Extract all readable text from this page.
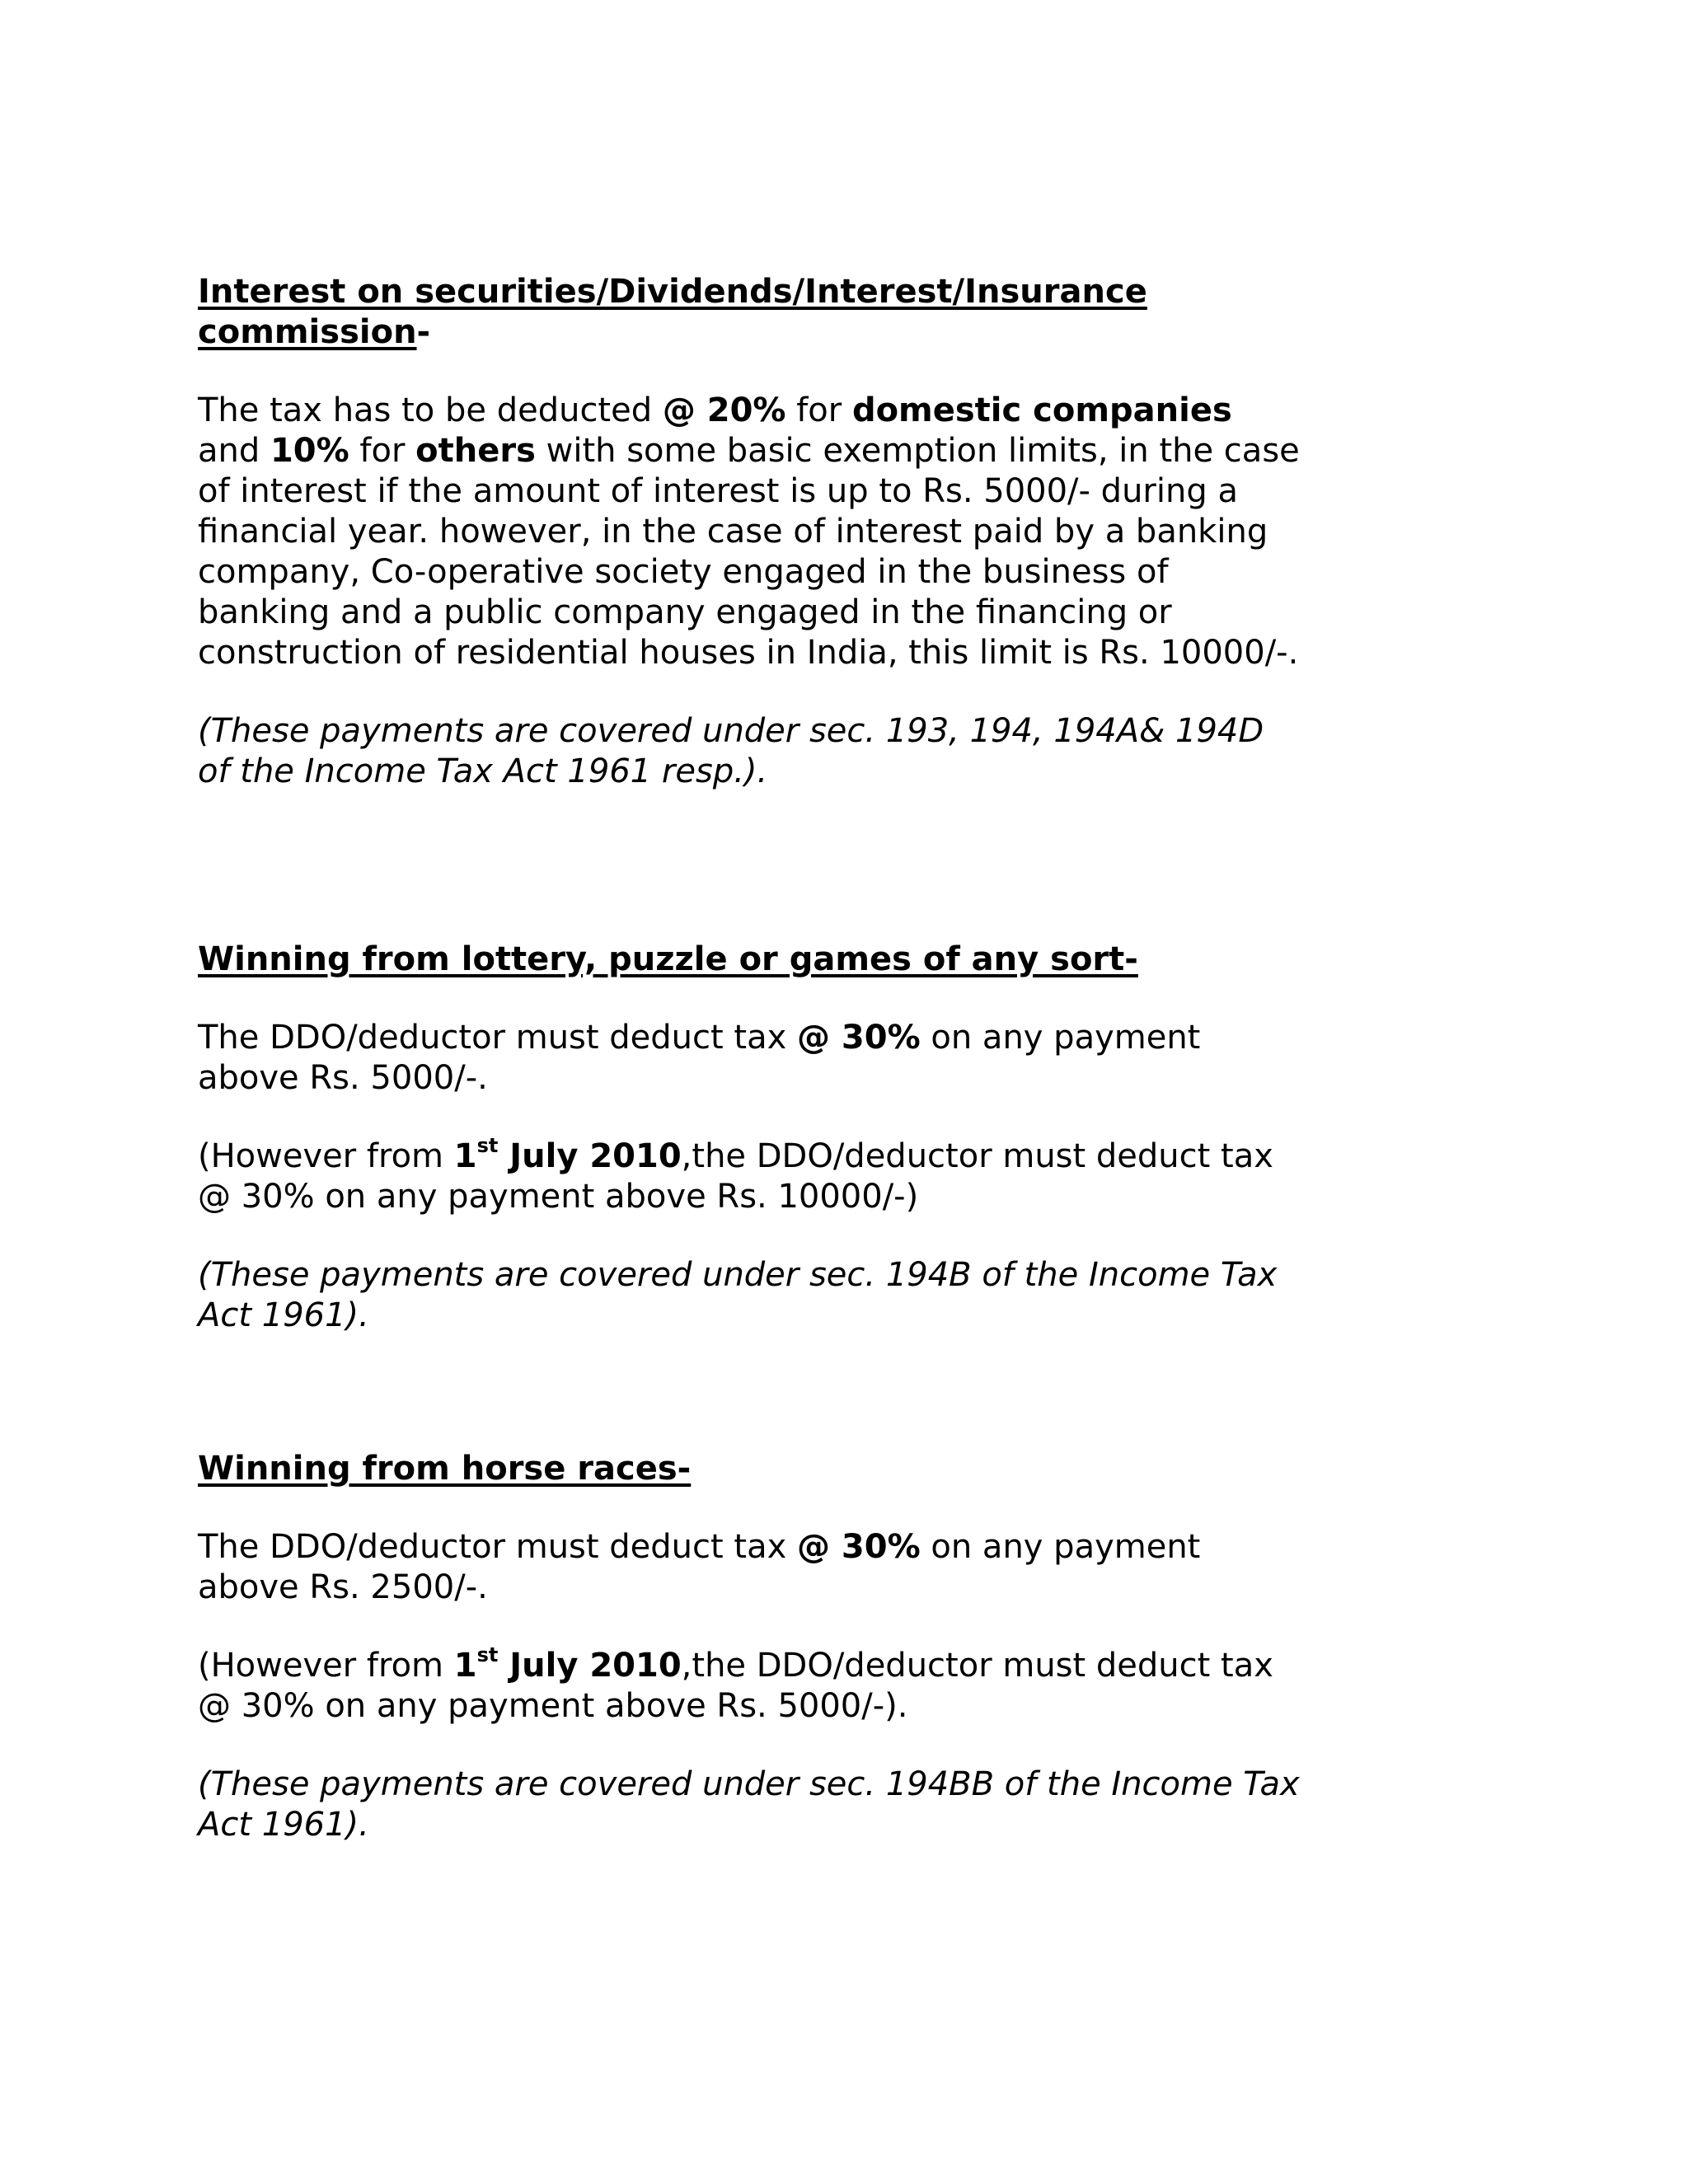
Interest on securities/Dividends/Interest/Insurance commission-

The tax has to be deducted @ 20% for domestic companies and 10% for others with some basic exemption limits, in the case of interest if the amount of interest is up to Rs. 5000/- during a financial year. however, in the case of interest paid by a banking company, Co-operative society engaged in the business of banking and a public company engaged in the financing or construction of residential houses in India, this limit is Rs. 10000/-.

(These payments are covered under sec. 193, 194, 194A& 194D of the Income Tax Act 1961 resp.).

Winning from lottery, puzzle or games of any sort-

The DDO/deductor must deduct tax @ 30% on any payment above Rs. 5000/-.

(However from 1st July 2010,the DDO/deductor must deduct tax @ 30% on any payment above Rs. 10000/-)

(These payments are covered under sec. 194B of the Income Tax Act 1961).

Winning from horse races-

The DDO/deductor must deduct tax @ 30% on any payment above Rs. 2500/-.

(However from 1st July 2010,the DDO/deductor must deduct tax @ 30% on any payment above Rs. 5000/-).

(These payments are covered under sec. 194BB of the Income Tax Act 1961).
